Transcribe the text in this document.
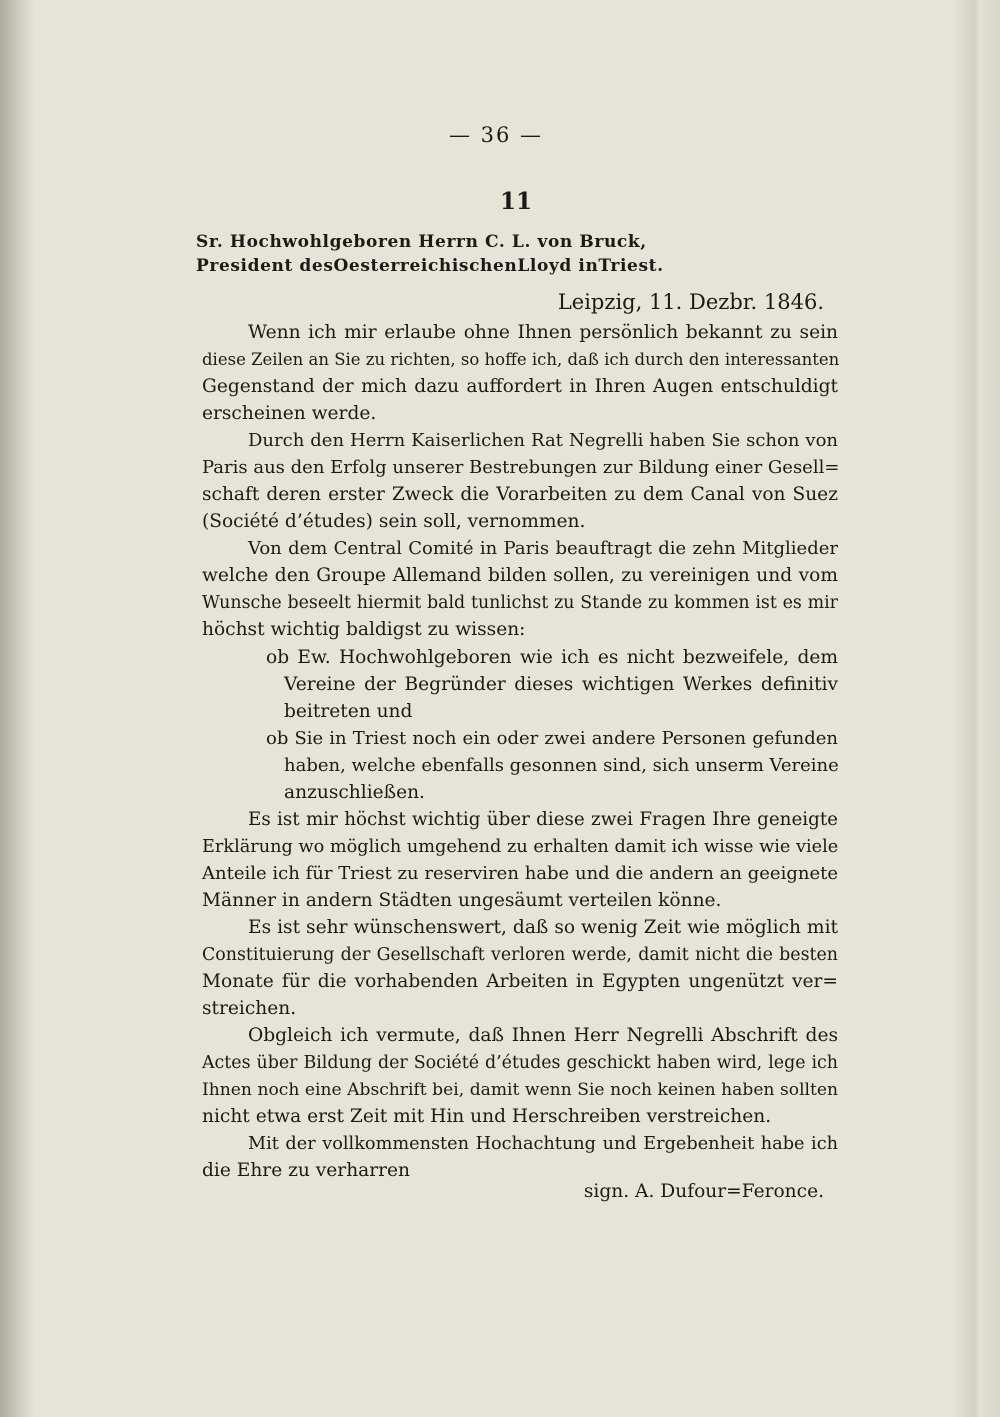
— 36 —
11
Sr. Hochwohlgeboren Herrn C. L. von Bruck,
President desOesterreichischenLloyd inTriest.
Leipzig, 11. Dezbr. 1846.
Wenn ich mir erlaube ohne Ihnen persönlich bekannt zu sein
diese Zeilen an Sie zu richten, so hoffe ich, daß ich durch den interessanten
Gegenstand der mich dazu auffordert in Ihren Augen entschuldigt
erscheinen werde.
Durch den Herrn Kaiserlichen Rat Negrelli haben Sie schon von
Paris aus den Erfolg unserer Bestrebungen zur Bildung einer Gesell=
schaft deren erster Zweck die Vorarbeiten zu dem Canal von Suez
(Société d’études) sein soll, vernommen.
Von dem Central Comité in Paris beauftragt die zehn Mitglieder
welche den Groupe Allemand bilden sollen, zu vereinigen und vom
Wunsche beseelt hiermit bald tunlichst zu Stande zu kommen ist es mir
höchst wichtig baldigst zu wissen:
ob Ew. Hochwohlgeboren wie ich es nicht bezweifele, dem
Vereine der Begründer dieses wichtigen Werkes definitiv
beitreten und
ob Sie in Triest noch ein oder zwei andere Personen gefunden
haben, welche ebenfalls gesonnen sind, sich unserm Vereine
anzuschließen.
Es ist mir höchst wichtig über diese zwei Fragen Ihre geneigte
Erklärung wo möglich umgehend zu erhalten damit ich wisse wie viele
Anteile ich für Triest zu reserviren habe und die andern an geeignete
Männer in andern Städten ungesäumt verteilen könne.
Es ist sehr wünschenswert, daß so wenig Zeit wie möglich mit
Constituierung der Gesellschaft verloren werde, damit nicht die besten
Monate für die vorhabenden Arbeiten in Egypten ungenützt ver=
streichen.
Obgleich ich vermute, daß Ihnen Herr Negrelli Abschrift des
Actes über Bildung der Société d’études geschickt haben wird, lege ich
Ihnen noch eine Abschrift bei, damit wenn Sie noch keinen haben sollten
nicht etwa erst Zeit mit Hin und Herschreiben verstreichen.
Mit der vollkommensten Hochachtung und Ergebenheit habe ich
die Ehre zu verharren
sign. A. Dufour=Feronce.
